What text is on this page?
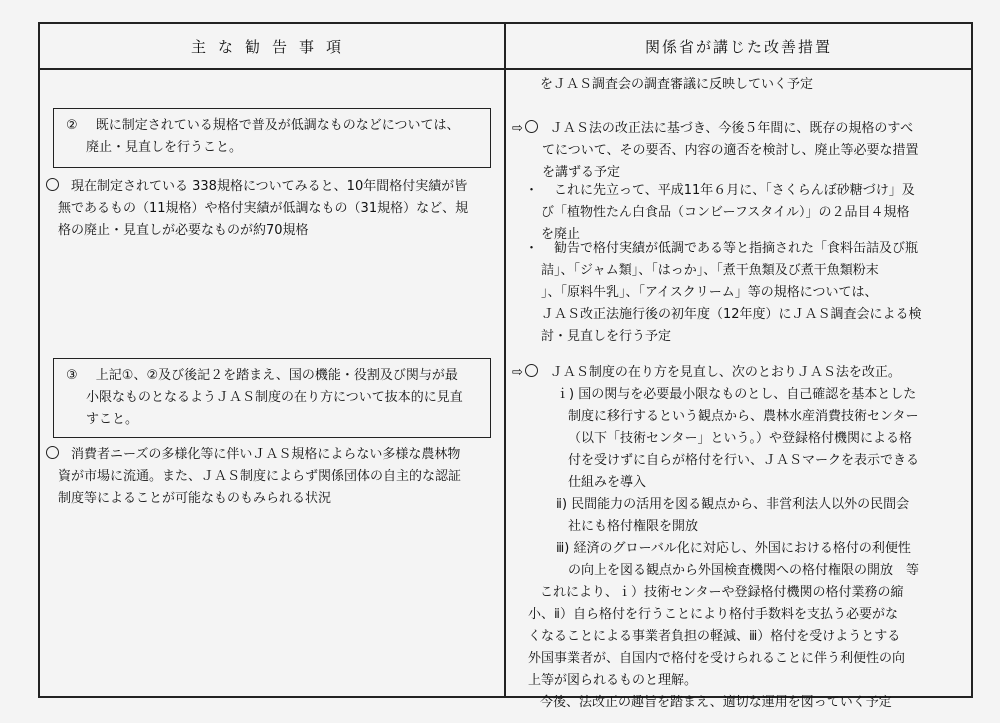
主な勧告事項	関係省が講じた改善措置
② 既に制定されている規格で普及が低調なものなどについては、
廃止・見直しを行うこと。
現在制定されている 338規格についてみると、10年間格付実績が皆
無であるもの（11規格）や格付実績が低調なもの（31規格）など、規
格の廃止・見直しが必要なものが約70規格
③ 上記①、②及び後記２を踏まえ、国の機能・役割及び関与が最
小限なものとなるようＪＡＳ制度の在り方について抜本的に見直
すこと。
消費者ニーズの多様化等に伴いＪＡＳ規格によらない多様な農林物
資が市場に流通。また、ＪＡＳ制度によらず関係団体の自主的な認証
制度等によることが可能なものもみられる状況
をＪＡＳ調査会の調査審議に反映していく予定
⇨ ＪＡＳ法の改正法に基づき、今後５年間に、既存の規格のすべ
てについて、その要否、内容の適否を検討し、廃止等必要な措置
を講ずる予定
・ これに先立って、平成11年６月に、「さくらんぼ砂糖づけ」及
び「植物性たん白食品（コンビーフスタイル）」の２品目４規格
を廃止
・ 勧告で格付実績が低調である等と指摘された「食料缶詰及び瓶
詰」、「ジャム類」、「はっか」、「煮干魚類及び煮干魚類粉末
」、「原料牛乳」、「アイスクリーム」等の規格については、
ＪＡＳ改正法施行後の初年度（12年度）にＪＡＳ調査会による検
討・見直しを行う予定
⇨ ＪＡＳ制度の在り方を見直し、次のとおりＪＡＳ法を改正。
ｉ) 国の関与を必要最小限なものとし、自己確認を基本とした
制度に移行するという観点から、農林水産消費技術センター
（以下「技術センター」という。）や登録格付機関による格
付を受けずに自らが格付を行い、ＪＡＳマークを表示できる
仕組みを導入
ⅱ) 民間能力の活用を図る観点から、非営利法人以外の民間会
社にも格付権限を開放
ⅲ) 経済のグローバル化に対応し、外国における格付の利便性
の向上を図る観点から外国検査機関への格付権限の開放　等
これにより、ｉ）技術センターや登録格付機関の格付業務の縮
小、ⅱ）自ら格付を行うことにより格付手数料を支払う必要がな
くなることによる事業者負担の軽減、ⅲ）格付を受けようとする
外国事業者が、自国内で格付を受けられることに伴う利便性の向
上等が図られるものと理解。
今後、法改正の趣旨を踏まえ、適切な運用を図っていく予定
